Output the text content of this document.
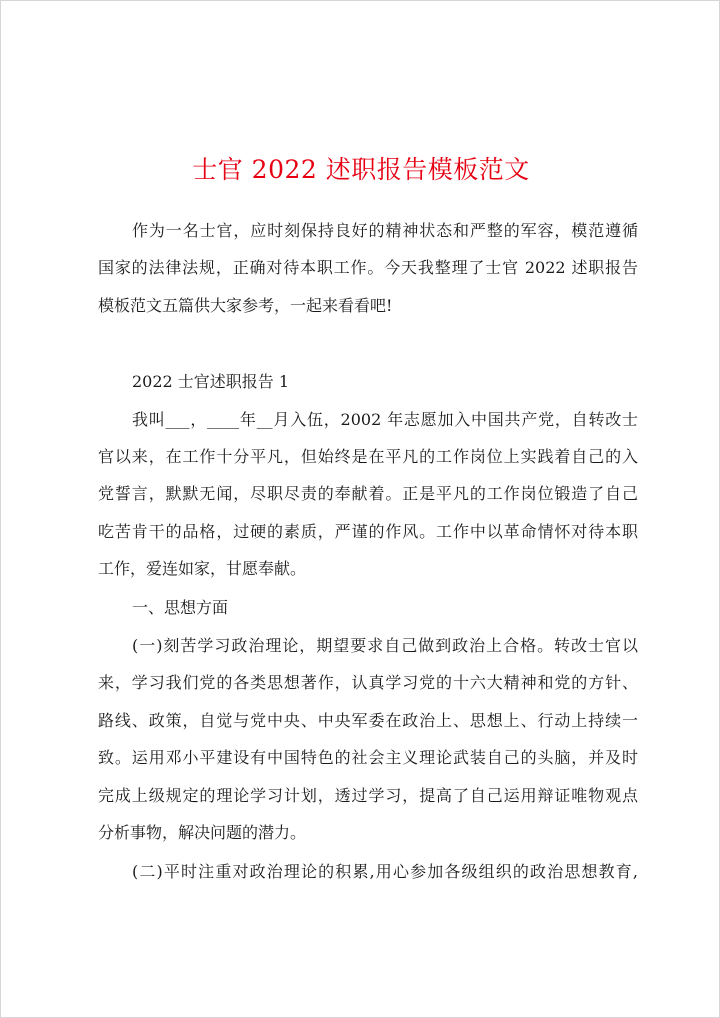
士官 2022 述职报告模板范文
作为一名士官，应时刻保持良好的精神状态和严整的军容，模范遵循
国家的法律法规，正确对待本职工作。今天我整理了士官 2022 述职报告
模板范文五篇供大家参考，一起来看看吧!
2022 士官述职报告 1
我叫___，____年__月入伍，2002 年志愿加入中国共产党，自转改士
官以来，在工作十分平凡，但始终是在平凡的工作岗位上实践着自己的入
党誓言，默默无闻，尽职尽责的奉献着。正是平凡的工作岗位锻造了自己
吃苦肯干的品格，过硬的素质，严谨的作风。工作中以革命情怀对待本职
工作，爱连如家，甘愿奉献。
一、思想方面
(一)刻苦学习政治理论，期望要求自己做到政治上合格。转改士官以
来，学习我们党的各类思想著作，认真学习党的十六大精神和党的方针、
路线、政策，自觉与党中央、中央军委在政治上、思想上、行动上持续一
致。运用邓小平建设有中国特色的社会主义理论武装自己的头脑，并及时
完成上级规定的理论学习计划，透过学习，提高了自己运用辩证唯物观点
分析事物，解决问题的潜力。
(二)平时注重对政治理论的积累,用心参加各级组织的政治思想教育,
